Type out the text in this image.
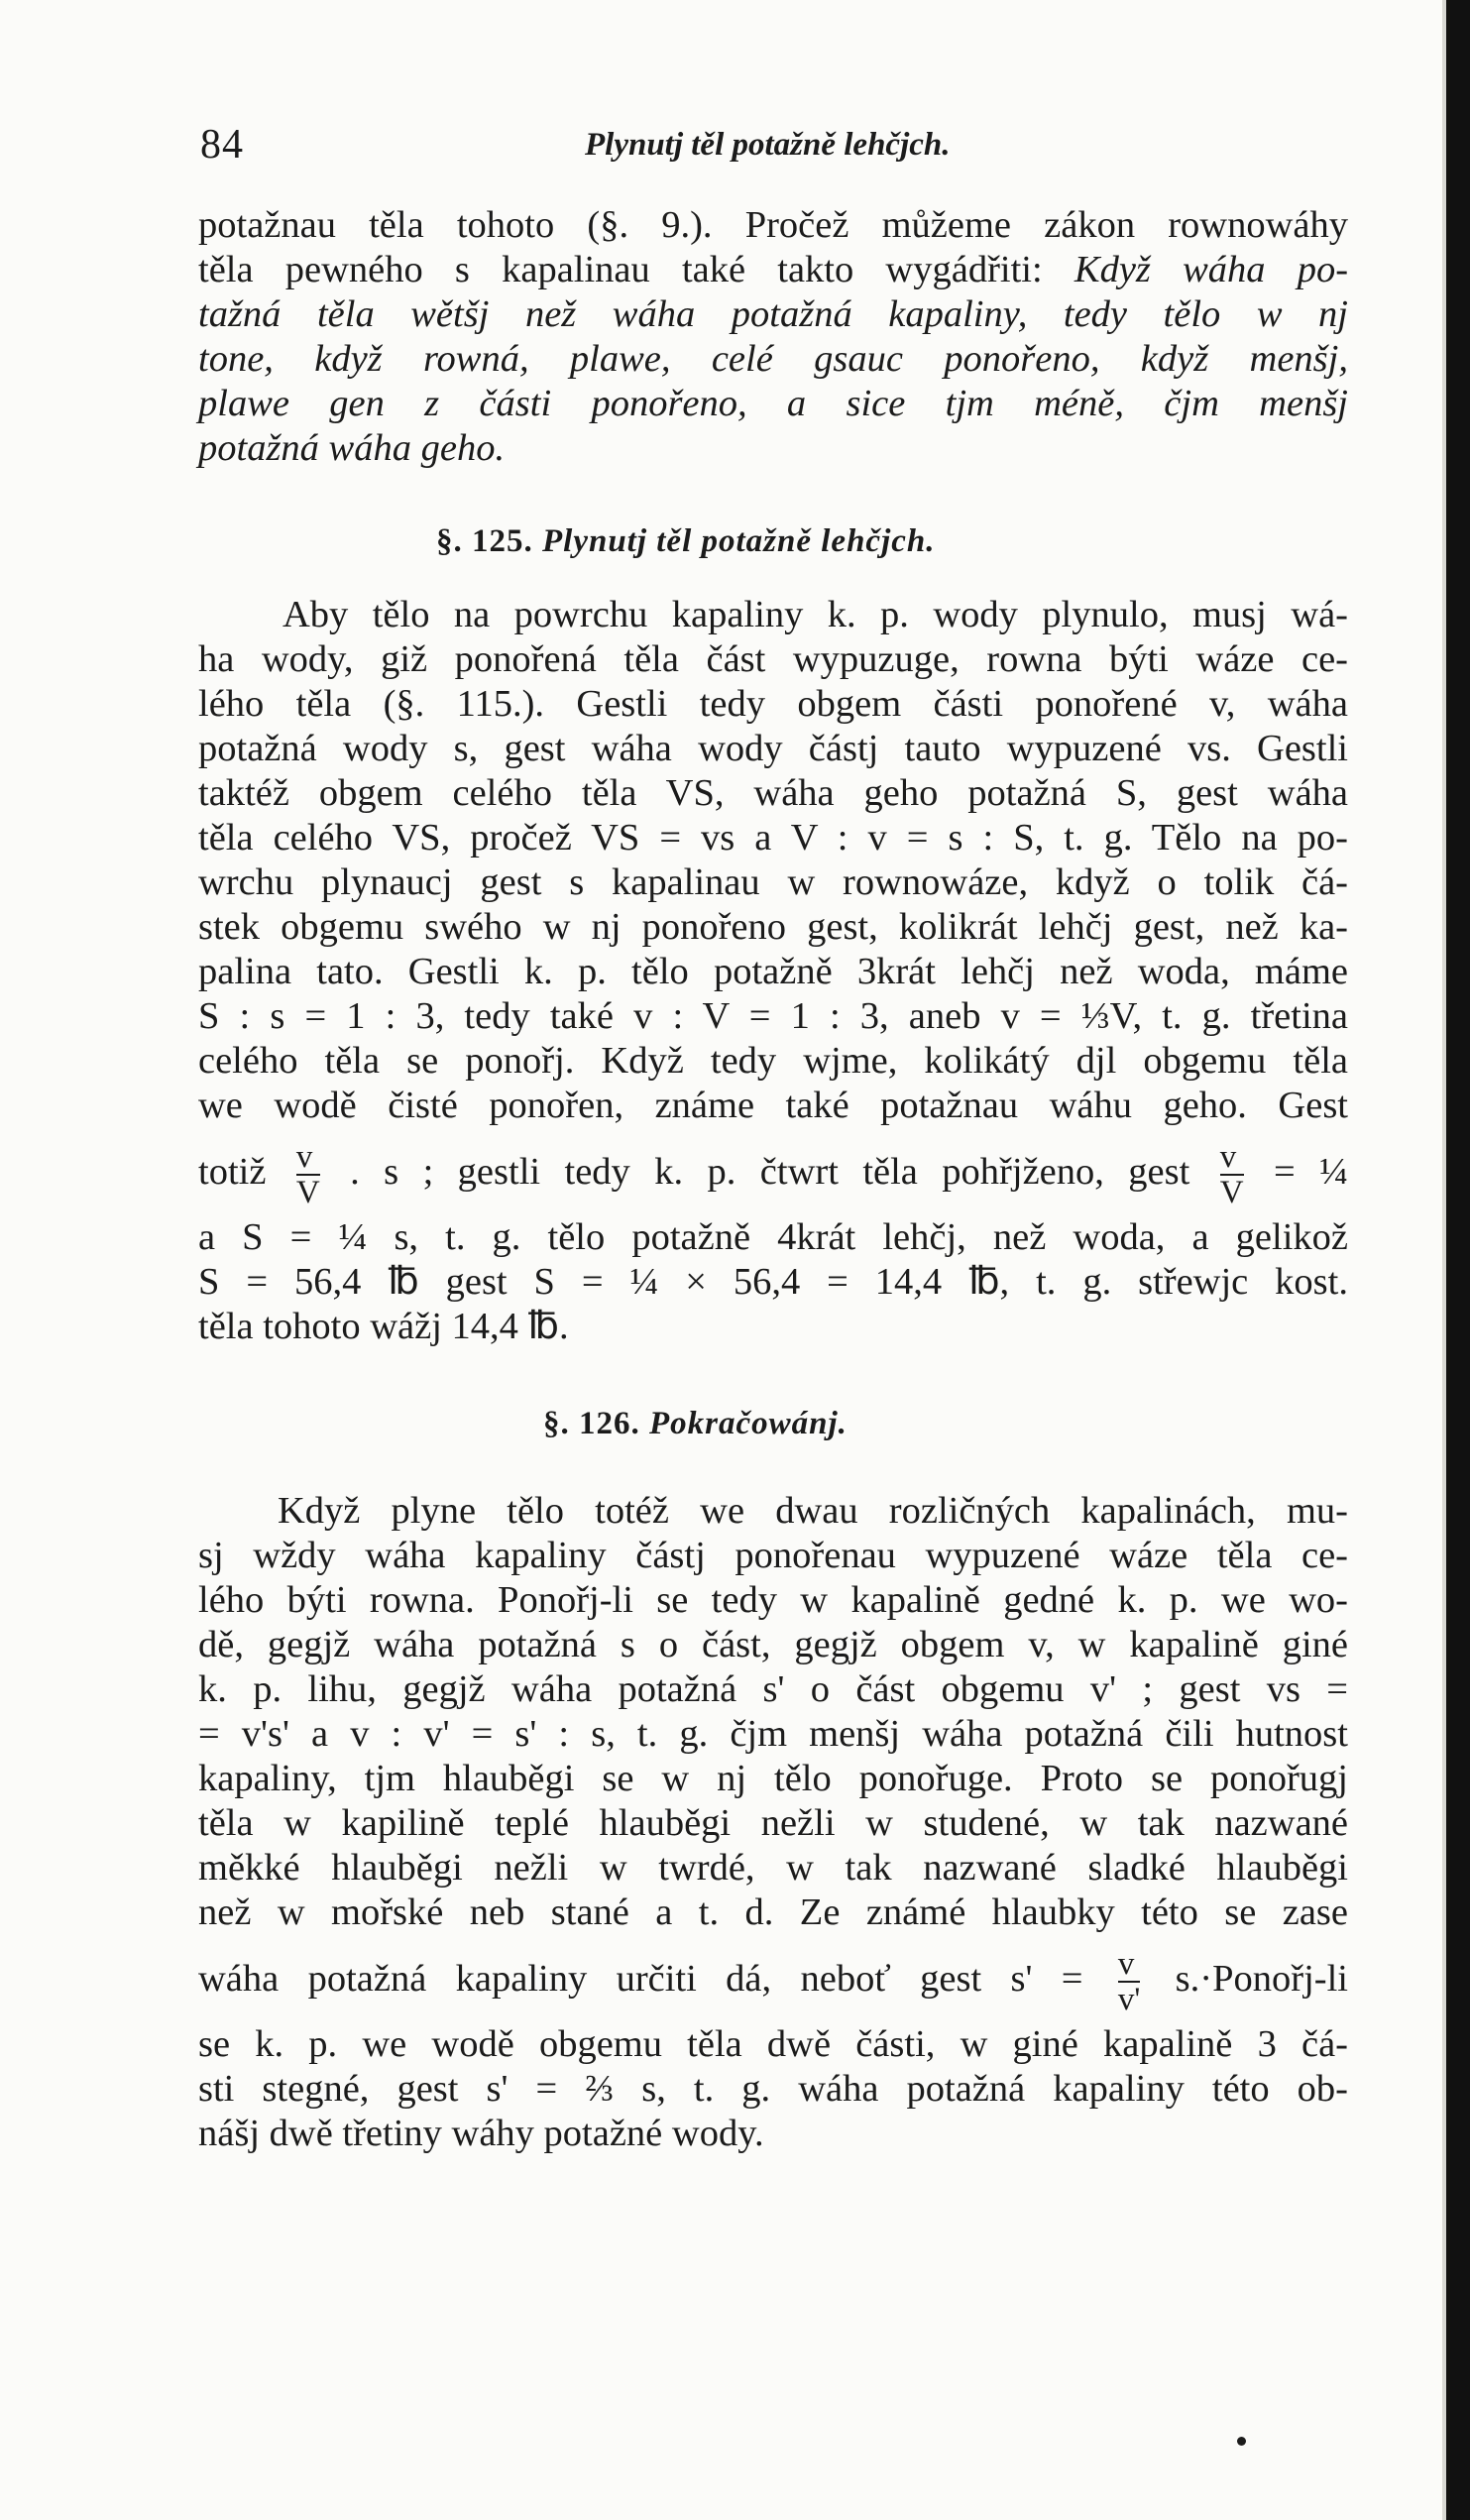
84	Plynutj těl potažně lehčjch.
potažnau těla tohoto (§. 9.). Pročež můžeme zákon rownowáhy
těla pewného s kapalinau také takto wygádřiti: Když wáha po-
tažná těla wětšj než wáha potažná kapaliny, tedy tělo w nj
tone, když rowná, plawe, celé gsauc ponořeno, když menšj,
plawe gen z části ponořeno, a sice tjm méně, čjm menšj
potažná wáha geho.
§. 125. Plynutj těl potažně lehčjch.
Aby tělo na powrchu kapaliny k. p. wody plynulo, musj wá-
ha wody, giž ponořená těla část wypuzuge, rowna býti wáze ce-
lého těla (§. 115.). Gestli tedy obgem části ponořené v, wáha
potažná wody s, gest wáha wody částj tauto wypuzené vs. Gestli
taktéž obgem celého těla VS, wáha geho potažná S, gest wáha
těla celého VS, pročež VS = vs a V : v = s : S, t. g. Tělo na po-
wrchu plynaucj gest s kapalinau w rownowáze, když o tolik čá-
stek obgemu swého w nj ponořeno gest, kolikrát lehčj gest, než ka-
palina tato. Gestli k. p. tělo potažně 3krát lehčj než woda, máme
S : s = 1 : 3, tedy také v : V = 1 : 3, aneb v = ⅓V, t. g. třetina
celého těla se ponořj. Když tedy wjme, kolikátý djl obgemu těla
we wodě čisté ponořen, známe také potažnau wáhu geho. Gest
totiž $\frac{v}{V}$ . s ; gestli tedy k. p. čtwrt těla pohřjženo, gest $\frac{v}{V}$ = ¼
a S = ¼ s, t. g. tělo potažně 4krát lehčj, než woda, a gelikož
S = 56,4 ℔ gest S = ¼ × 56,4 = 14,4 ℔, t. g. střewjc kost.
těla tohoto wážj 14,4 ℔.
§. 126. Pokračowánj.
Když plyne tělo totéž we dwau rozličných kapalinách, mu-
sj wždy wáha kapaliny částj ponořenau wypuzené wáze těla ce-
lého býti rowna. Ponořj-li se tedy w kapalině gedné k. p. we wo-
dě, gegjž wáha potažná s o část, gegjž obgem v, w kapalině giné
k. p. lihu, gegjž wáha potažná s' o část obgemu v' ; gest vs =
= v's' a v : v' = s' : s, t. g. čjm menšj wáha potažná čili hutnost
kapaliny, tjm hlauběgi se w nj tělo ponořuge. Proto se ponořugj
těla w kapilině teplé hlauběgi nežli w studené, w tak nazwané
měkké hlauběgi nežli w twrdé, w tak nazwané sladké hlauběgi
než w mořské neb stané a t. d. Ze známé hlaubky této se zase
wáha potažná kapaliny určiti dá, neboť gest $s' = \frac{v}{v'}$ s.·Ponořj-li
se k. p. we wodě obgemu těla dwě části, w giné kapalině 3 čá-
sti stegné, gest s' = ⅔ s, t. g. wáha potažná kapaliny této ob-
nášj dwě třetiny wáhy potažné wody.
